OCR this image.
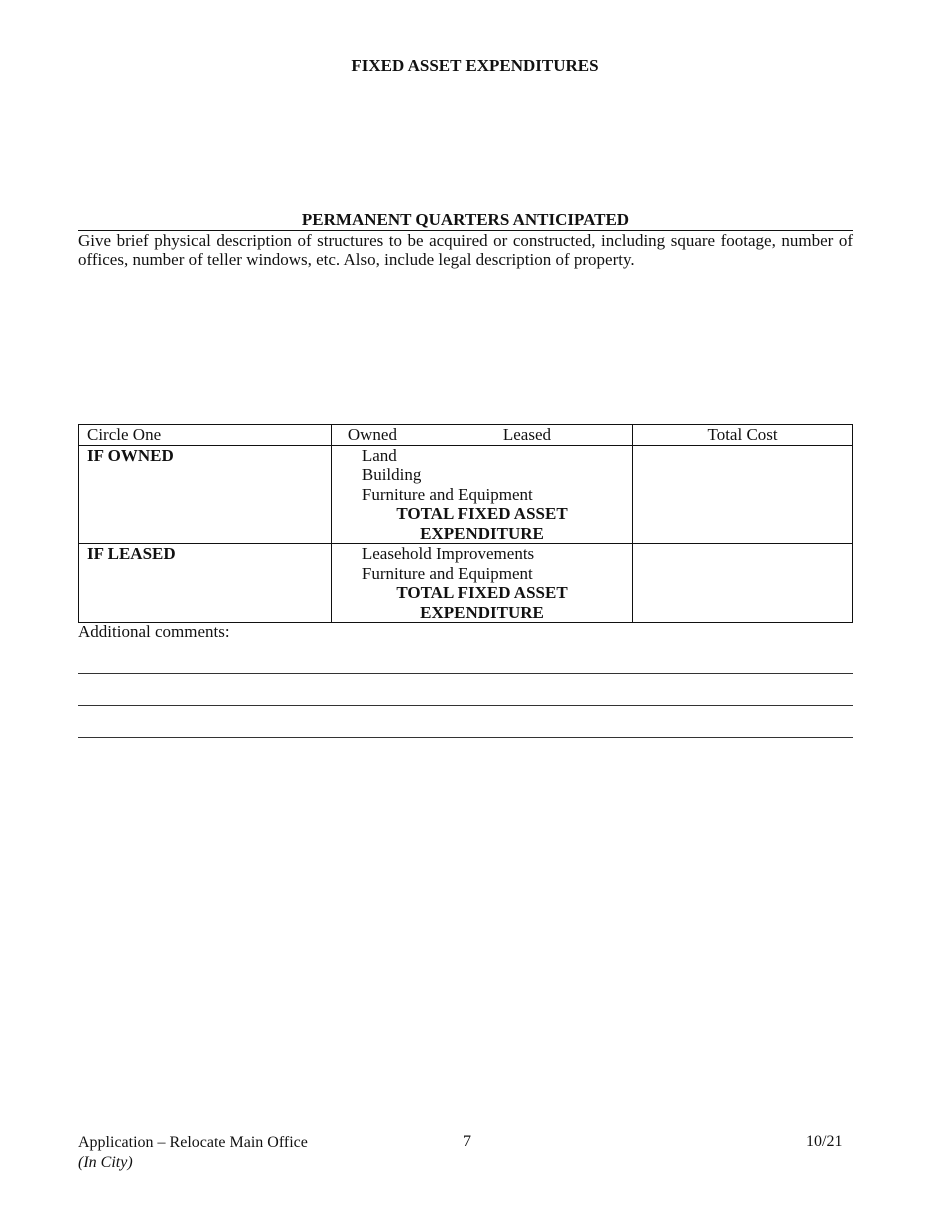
FIXED ASSET EXPENDITURES
PERMANENT QUARTERS ANTICIPATED
Give brief physical description of structures to be acquired or constructed, including square footage, number of offices, number of teller windows, etc. Also, include legal description of property.
Circle One	Owned Leased	Total Cost
IF OWNED	Land
Building
Furniture and Equipment
TOTAL FIXED ASSET
EXPENDITURE	

IF LEASED	Leasehold Improvements
Furniture and Equipment
TOTAL FIXED ASSET
EXPENDITURE	

Additional comments:
Application – Relocate Main Office
(In City)
7	10/21
